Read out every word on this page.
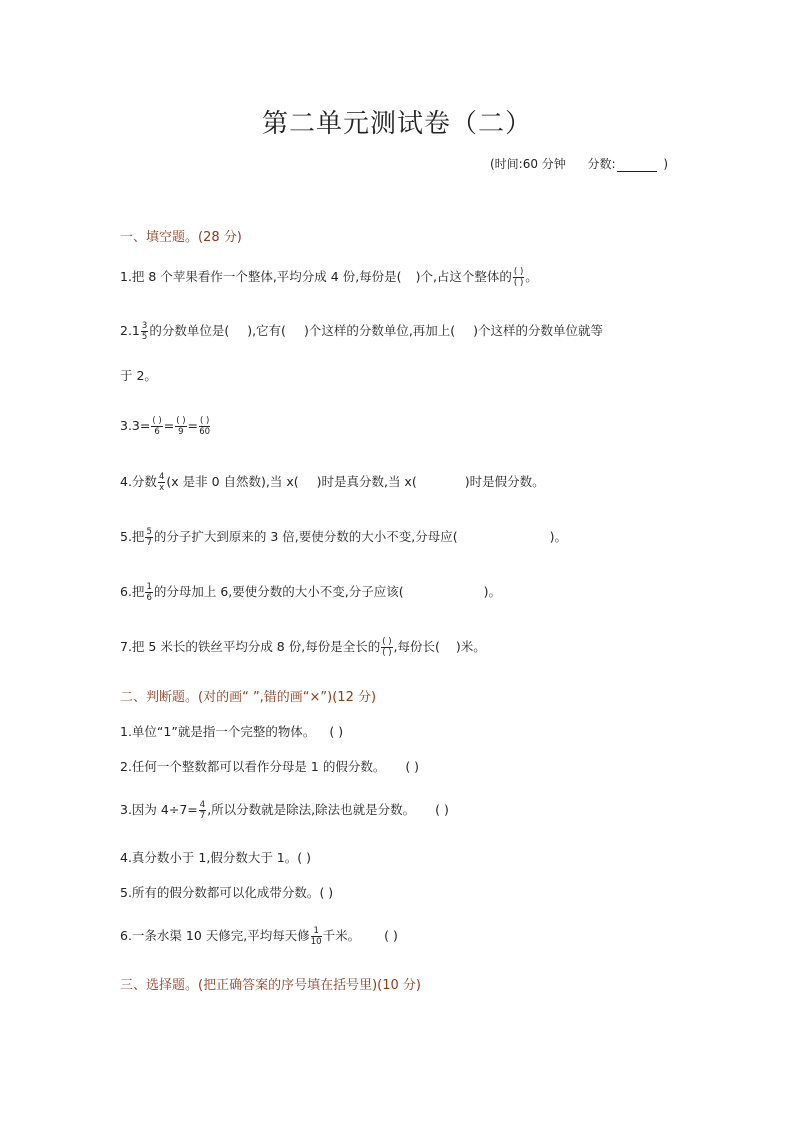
第二单元测试卷（二）
(时间:60 分钟 分数:	)
一、填空题。(28 分)
1.把 8 个苹果看作一个整体,平均分成 4 份,每份是( )个,占这个整体的 $\frac{( )}{( )}$ 。
$2.1 \frac{3}{5}$ 的分数单位是( ),它有( )个这样的分数单位,再加上( )个这样的分数单位就等
于 2。
$3.3= \frac{( )}{6} = \frac{( )}{9} = \frac{( )}{60}$
4.分数 $\frac{4}{x} (x$ 是非 0 自然数),当 x( )时是真分数,当 x(	)时是假分数。
5.把 $\frac{5}{7}$ 的分子扩大到原来的 3 倍,要使分数的大小不变,分母应(	)。
6.把 $\frac{1}{6}$ 的分母加上 6,要使分数的大小不变,分子应该(	)。
7.把 5 米长的铁丝平均分成 8 份,每份是全长的 $\frac{( )}{( )}$ ,每份长( )米。
二、判断题。(对的画“ ”,错的画“×”)(12 分)
1.单位“1”就是指一个完整的物体。 ( )
2.任何一个整数都可以看作分母是 1 的假分数。 ( )
3.因为 $4\div 7= \frac{4}{7}$ ,所以分数就是除法,除法也就是分数。 ( )
4.真分数小于 1,假分数大于 1。( )
5.所有的假分数都可以化成带分数。( )
6.一条水渠 10 天修完,平均每天修 $\frac{1}{10}$ 千米。 ( )
三、选择题。(把正确答案的序号填在括号里)(10 分)
